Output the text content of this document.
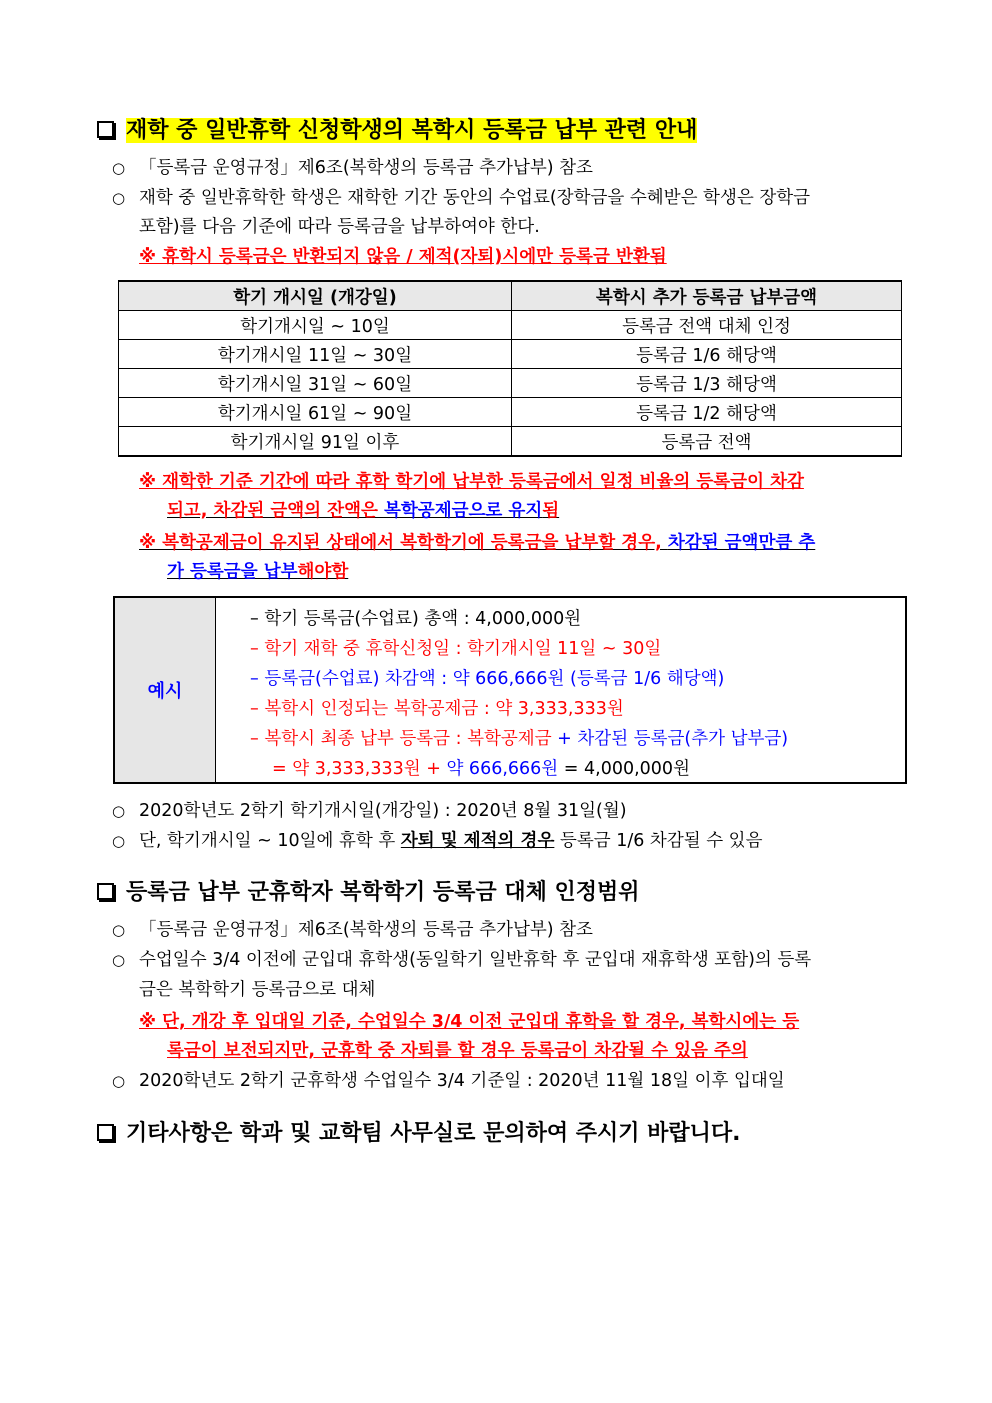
재학 중 일반휴학 신청학생의 복학시 등록금 납부 관련 안내
○ 「등록금 운영규정」제6조(복학생의 등록금 추가납부) 참조
○ 재학 중 일반휴학한 학생은 재학한 기간 동안의 수업료(장학금을 수혜받은 학생은 장학금
포함)를 다음 기준에 따라 등록금을 납부하여야 한다.
※ 휴학시 등록금은 반환되지 않음 / 제적(자퇴)시에만 등록금 반환됨
학기 개시일 (개강일)	복학시 추가 등록금 납부금액
학기개시일 ~ 10일	등록금 전액 대체 인정
학기개시일 11일 ~ 30일	등록금 1/6 해당액
학기개시일 31일 ~ 60일	등록금 1/3 해당액
학기개시일 61일 ~ 90일	등록금 1/2 해당액
학기개시일 91일 이후	등록금 전액
※ 재학한 기준 기간에 따라 휴학 학기에 납부한 등록금에서 일정 비율의 등록금이 차감
되고, 차감된 금액의 잔액은 복학공제금으로 유지됨
※ 복학공제금이 유지된 상태에서 복학학기에 등록금을 납부할 경우, 차감된 금액만큼 추
가 등록금을 납부해야함
예시
– 학기 등록금(수업료) 총액 : 4,000,000원
– 학기 재학 중 휴학신청일 : 학기개시일 11일 ~ 30일
– 등록금(수업료) 차감액 : 약 666,666원 (등록금 1/6 해당액)
– 복학시 인정되는 복학공제금 : 약 3,333,333원
– 복학시 최종 납부 등록금 : 복학공제금 + 차감된 등록금(추가 납부금)
= 약 3,333,333원 + 약 666,666원 = 4,000,000원
○ 2020학년도 2학기 학기개시일(개강일) : 2020년 8월 31일(월)
○ 단, 학기개시일 ~ 10일에 휴학 후 자퇴 및 제적의 경우 등록금 1/6 차감될 수 있음
등록금 납부 군휴학자 복학학기 등록금 대체 인정범위
○ 「등록금 운영규정」제6조(복학생의 등록금 추가납부) 참조
○ 수업일수 3/4 이전에 군입대 휴학생(동일학기 일반휴학 후 군입대 재휴학생 포함)의 등록
금은 복학학기 등록금으로 대체
※ 단, 개강 후 입대일 기준, 수업일수 3/4 이전 군입대 휴학을 할 경우, 복학시에는 등
록금이 보전되지만, 군휴학 중 자퇴를 할 경우 등록금이 차감될 수 있음 주의
○ 2020학년도 2학기 군휴학생 수업일수 3/4 기준일 : 2020년 11월 18일 이후 입대일
기타사항은 학과 및 교학팀 사무실로 문의하여 주시기 바랍니다.
